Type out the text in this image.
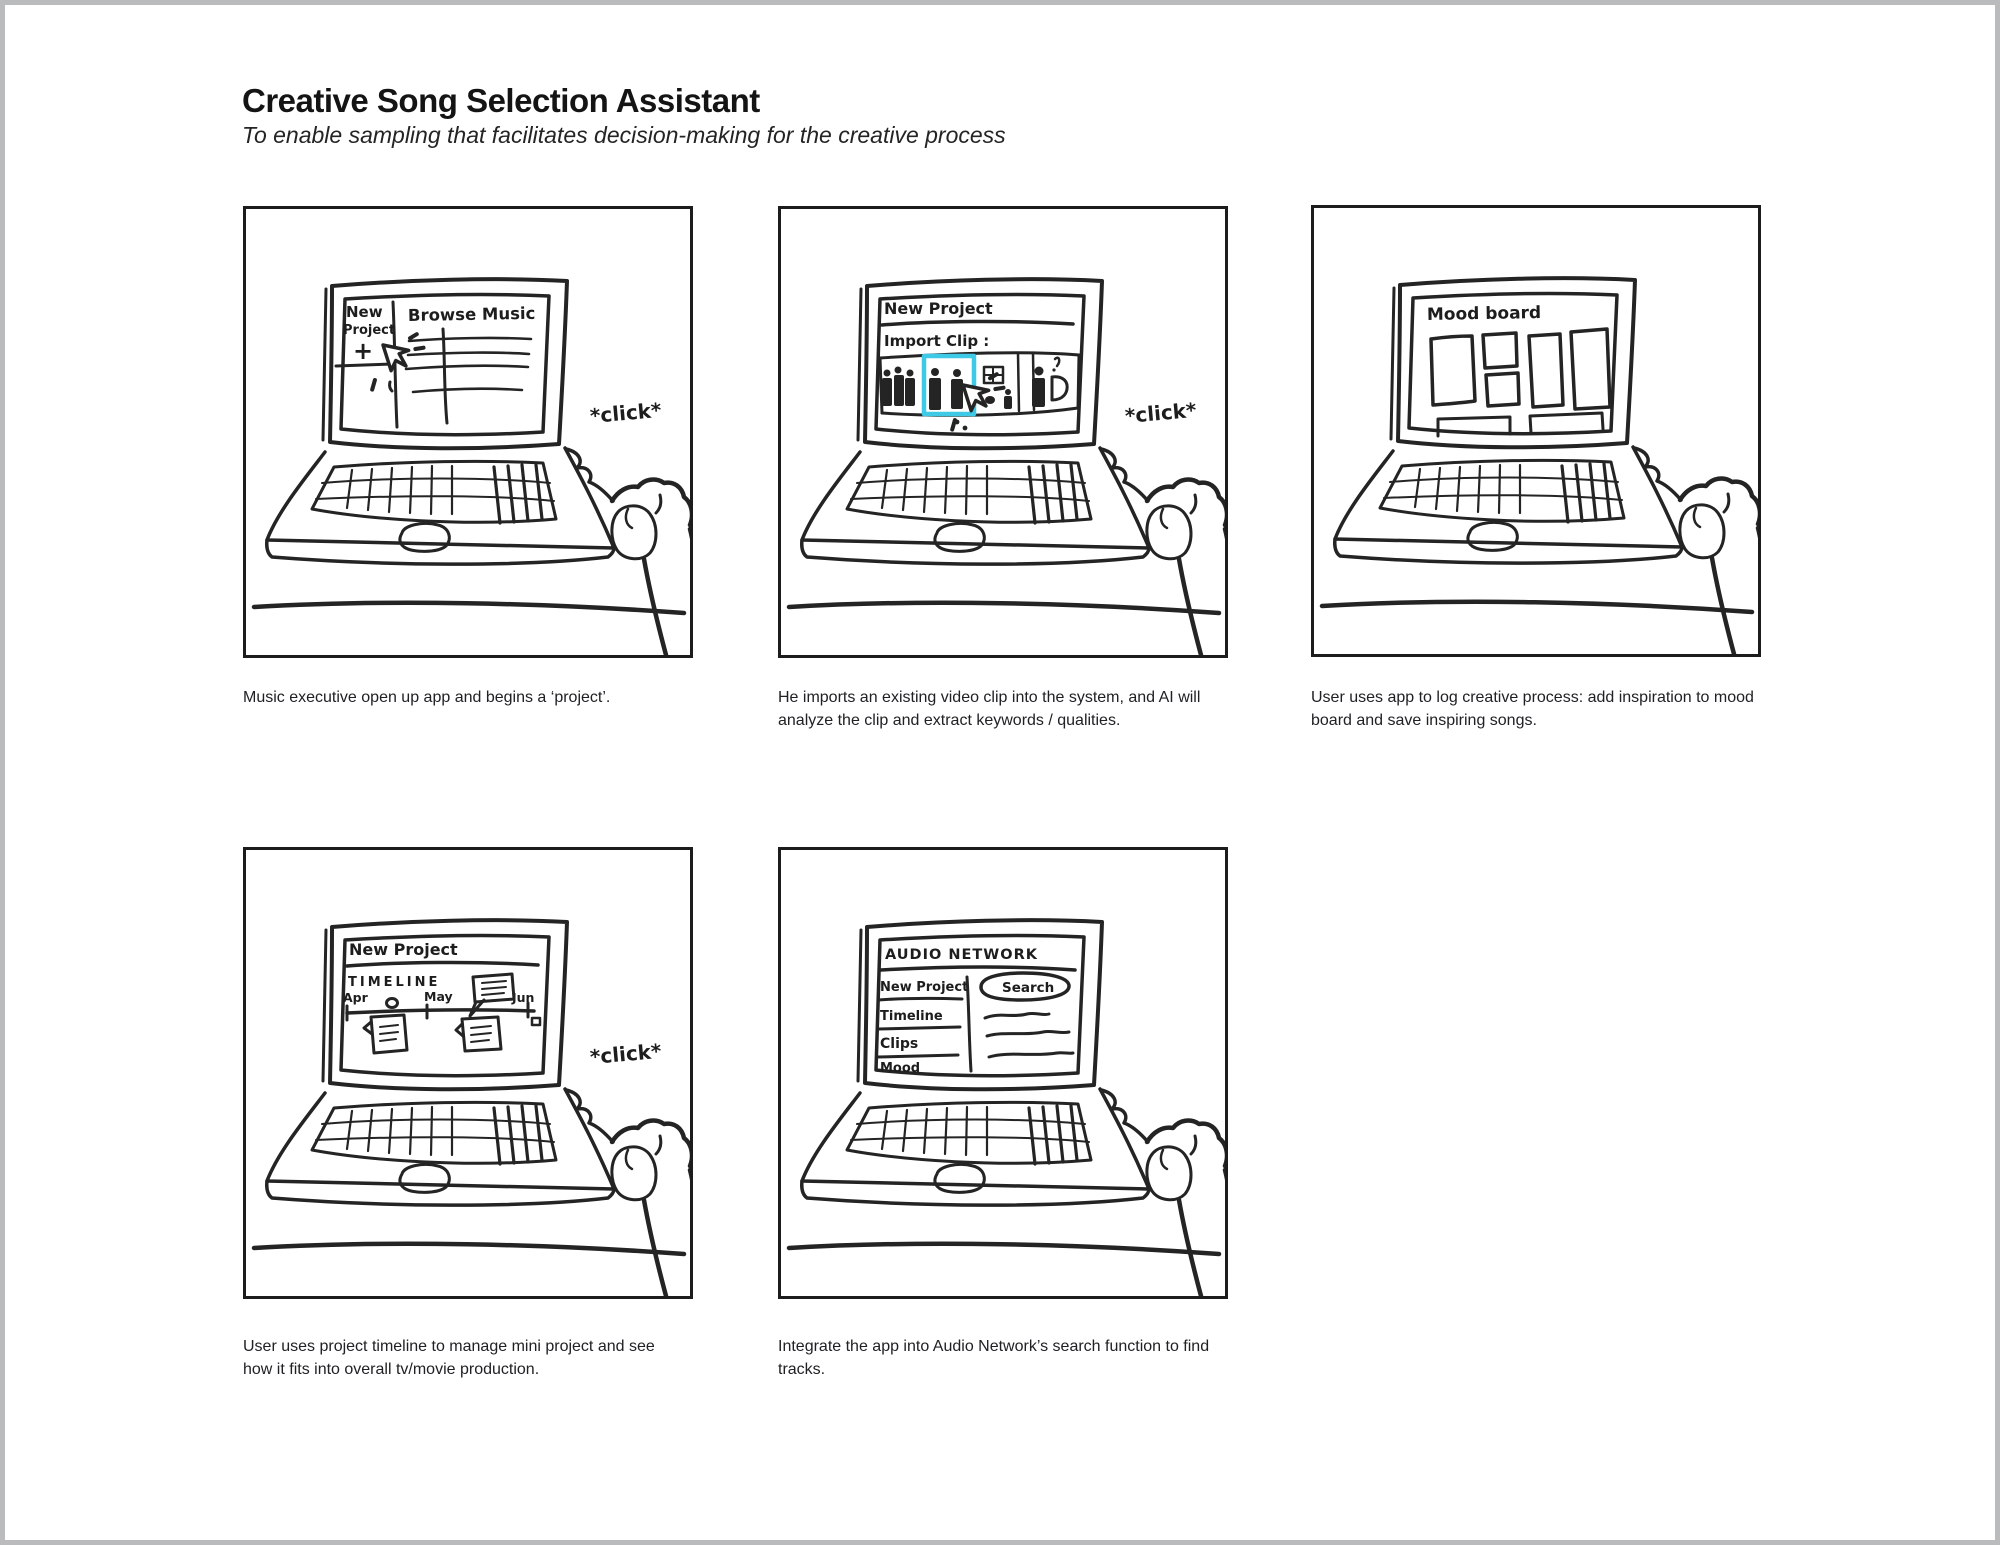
Creative Song Selection Assistant
To enable sampling that facilitates decision-making for the creative process
New
Project
+
Browse Music
*click*
New Project
Import Clip :
*click*
Mood board
New Project
TIMELINE
Apr	May	Jun
*click*
AUDIO NETWORK
New Project
Timeline
Clips
Mood
Search
Music executive open up app and begins a ‘project’.	He imports an existing video clip into the system, and AI will analyze the clip and extract keywords / qualities.
User uses app to log creative process: add inspiration to mood board and save inspiring songs.
User uses project timeline to manage mini project and see how it fits into overall tv/movie production.
Integrate the app into Audio Network’s search function to find tracks.
